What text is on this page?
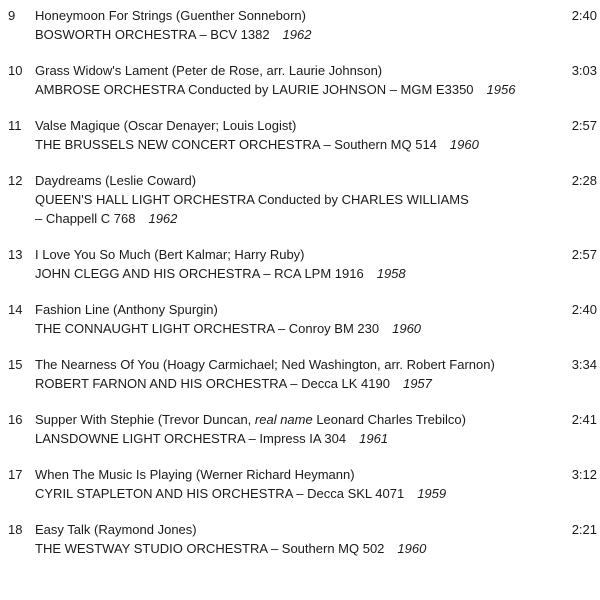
9	Honeymoon For Strings (Guenther Sonneborn)
BOSWORTH ORCHESTRA – BCV 1382 1962
2:40
10 Grass Widow's Lament (Peter de Rose, arr. Laurie Johnson)
AMBROSE ORCHESTRA Conducted by LAURIE JOHNSON – MGM E3350 1956
3:03
11	Valse Magique (Oscar Denayer; Louis Logist)
THE BRUSSELS NEW CONCERT ORCHESTRA – Southern MQ 514 1960
2:57
12 Daydreams (Leslie Coward)
QUEEN'S HALL LIGHT ORCHESTRA Conducted by CHARLES WILLIAMS
– Chappell C 768 1962
2:28
13 I Love You So Much (Bert Kalmar; Harry Ruby)
JOHN CLEGG AND HIS ORCHESTRA – RCA LPM 1916 1958
2:57
14 Fashion Line (Anthony Spurgin)
THE CONNAUGHT LIGHT ORCHESTRA – Conroy BM 230 1960
2:40
15 The Nearness Of You (Hoagy Carmichael; Ned Washington, arr. Robert Farnon)
ROBERT FARNON AND HIS ORCHESTRA – Decca LK 4190 1957
3:34
16 Supper With Stephie (Trevor Duncan, real name Leonard Charles Trebilco)
LANSDOWNE LIGHT ORCHESTRA – Impress IA 304 1961
2:41
17 When The Music Is Playing (Werner Richard Heymann)
CYRIL STAPLETON AND HIS ORCHESTRA – Decca SKL 4071 1959
3:12
18 Easy Talk (Raymond Jones)
THE WESTWAY STUDIO ORCHESTRA – Southern MQ 502 1960
2:21
